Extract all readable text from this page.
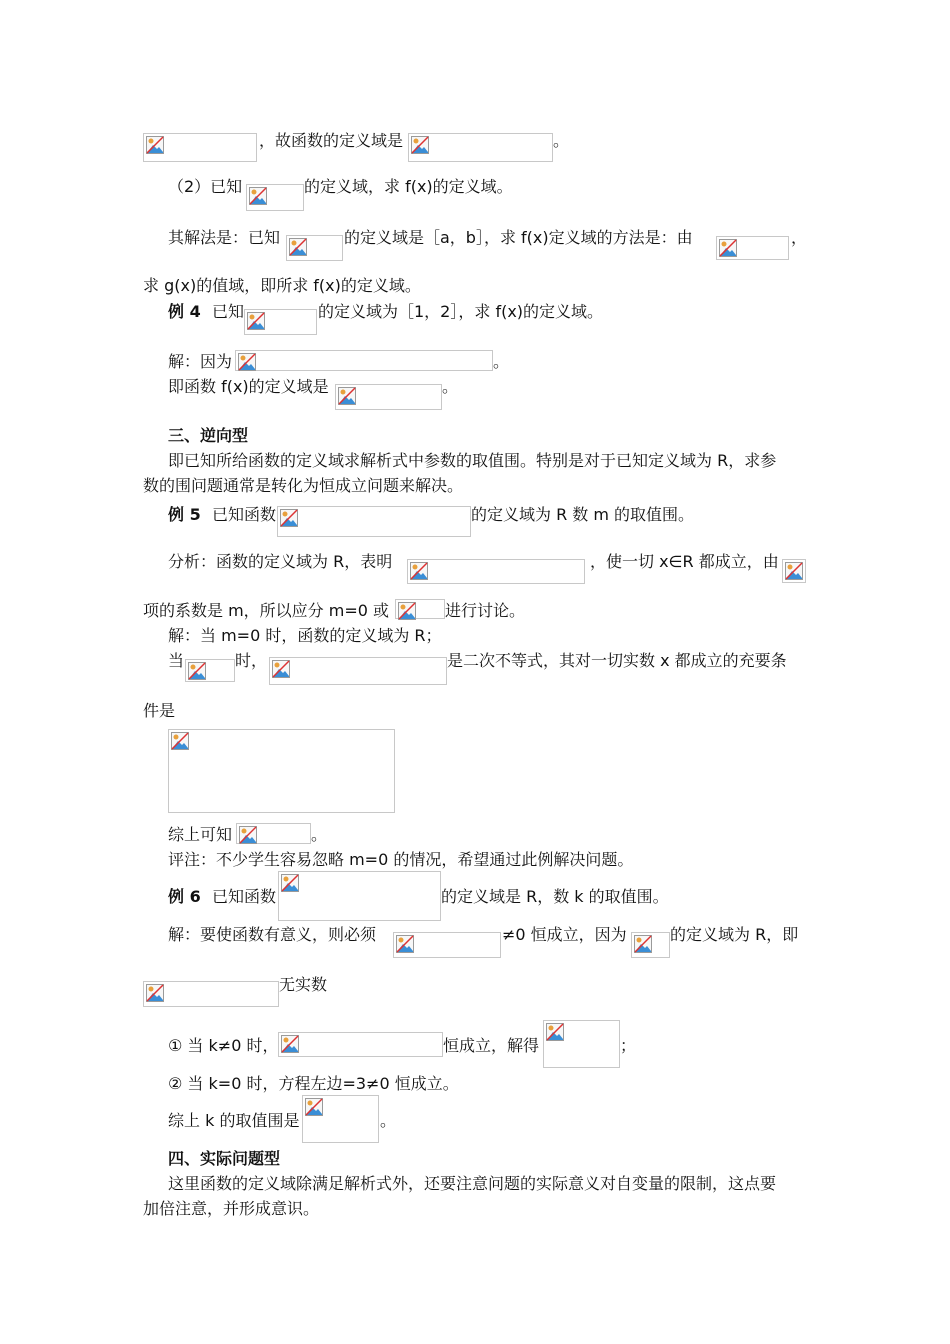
，故函数的定义域是	。
（2）已知	的定义域，求 f(x)的定义域。
其解法是：已知	的定义域是［a，b］，求 f(x)定义域的方法是：由	，
求 g(x)的值域，即所求 f(x)的定义域。
例 4 已知	的定义域为［1，2］，求 f(x)的定义域。
解：因为	。
即函数 f(x)的定义域是	。
三、逆向型
即已知所给函数的定义域求解析式中参数的取值围。特别是对于已知定义域为 R，求参
数的围问题通常是转化为恒成立问题来解决。
例 5 已知函数	的定义域为 R 数 m 的取值围。
分析：函数的定义域为 R，表明	，使一切 x∈R 都成立，由
项的系数是 m，所以应分 m=0 或	进行讨论。
解：当 m=0 时，函数的定义域为 R；
当	时，	是二次不等式，其对一切实数 x 都成立的充要条
件是
综上可知	。
评注：不少学生容易忽略 m=0 的情况，希望通过此例解决问题。
例 6 已知函数	的定义域是 R，数 k 的取值围。
解：要使函数有意义，则必须	≠0 恒成立，因为	的定义域为 R，即
无实数
① 当 k≠0 时，	恒成立，解得	；
② 当 k=0 时，方程左边=3≠0 恒成立。
综上 k 的取值围是	。
四、实际问题型
这里函数的定义域除满足解析式外，还要注意问题的实际意义对自变量的限制，这点要
加倍注意，并形成意识。
